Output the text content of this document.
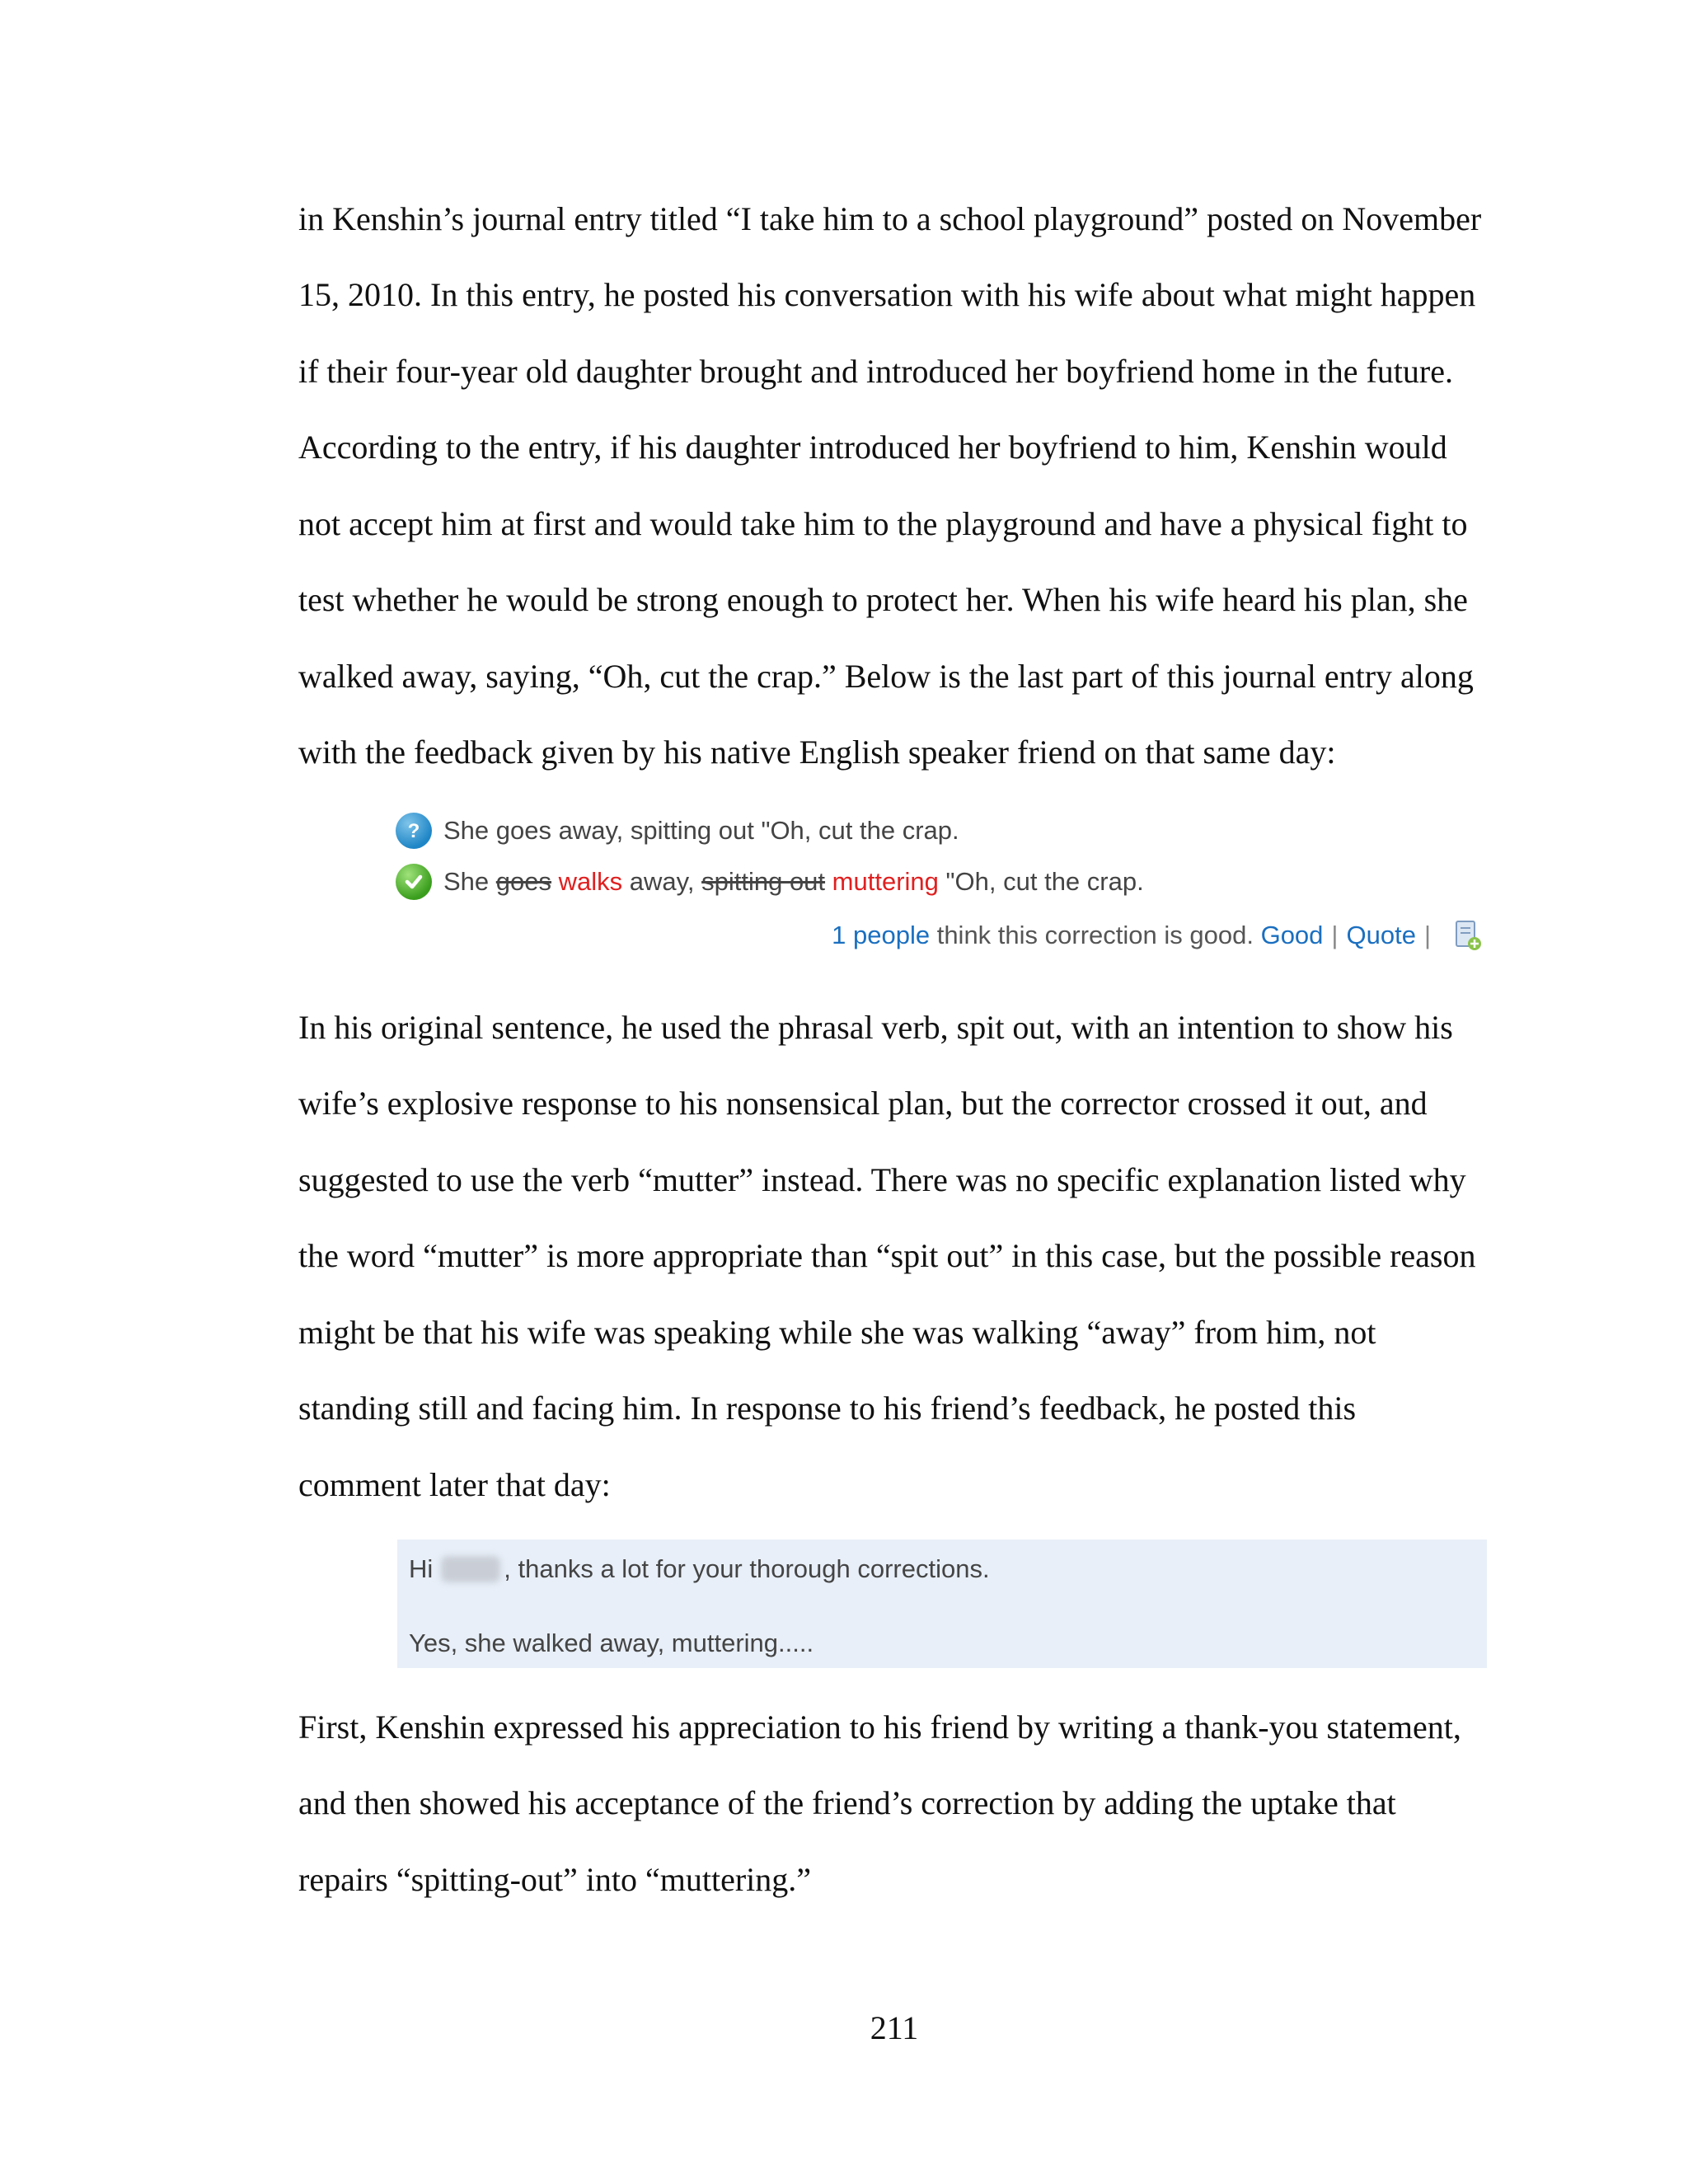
in Kenshin’s journal entry titled “I take him to a school playground” posted on November
15, 2010. In this entry, he posted his conversation with his wife about what might happen
if their four-year old daughter brought and introduced her boyfriend home in the future.
According to the entry, if his daughter introduced her boyfriend to him, Kenshin would
not accept him at first and would take him to the playground and have a physical fight to
test whether he would be strong enough to protect her. When his wife heard his plan, she
walked away, saying, “Oh, cut the crap.” Below is the last part of this journal entry along
with the feedback given by his native English speaker friend on that same day:
? She goes away, spitting out "Oh, cut the crap.
She
goes
walks
away,
spitting out
muttering
"Oh, cut the crap.
1 people
think this correction is good.
Good | Quote |
In his original sentence, he used the phrasal verb, spit out, with an intention to show his
wife’s explosive response to his nonsensical plan, but the corrector crossed it out, and
suggested to use the verb “mutter” instead. There was no specific explanation listed why
the word “mutter” is more appropriate than “spit out” in this case, but the possible reason
might be that his wife was speaking while she was walking “away” from him, not
standing still and facing him. In response to his friend’s feedback, he posted this
comment later that day:
Hi	, thanks a lot for your thorough corrections.
Yes, she walked away, muttering.....
First, Kenshin expressed his appreciation to his friend by writing a thank-you statement,
and then showed his acceptance of the friend’s correction by adding the uptake that
repairs “spitting-out” into “muttering.”
211
